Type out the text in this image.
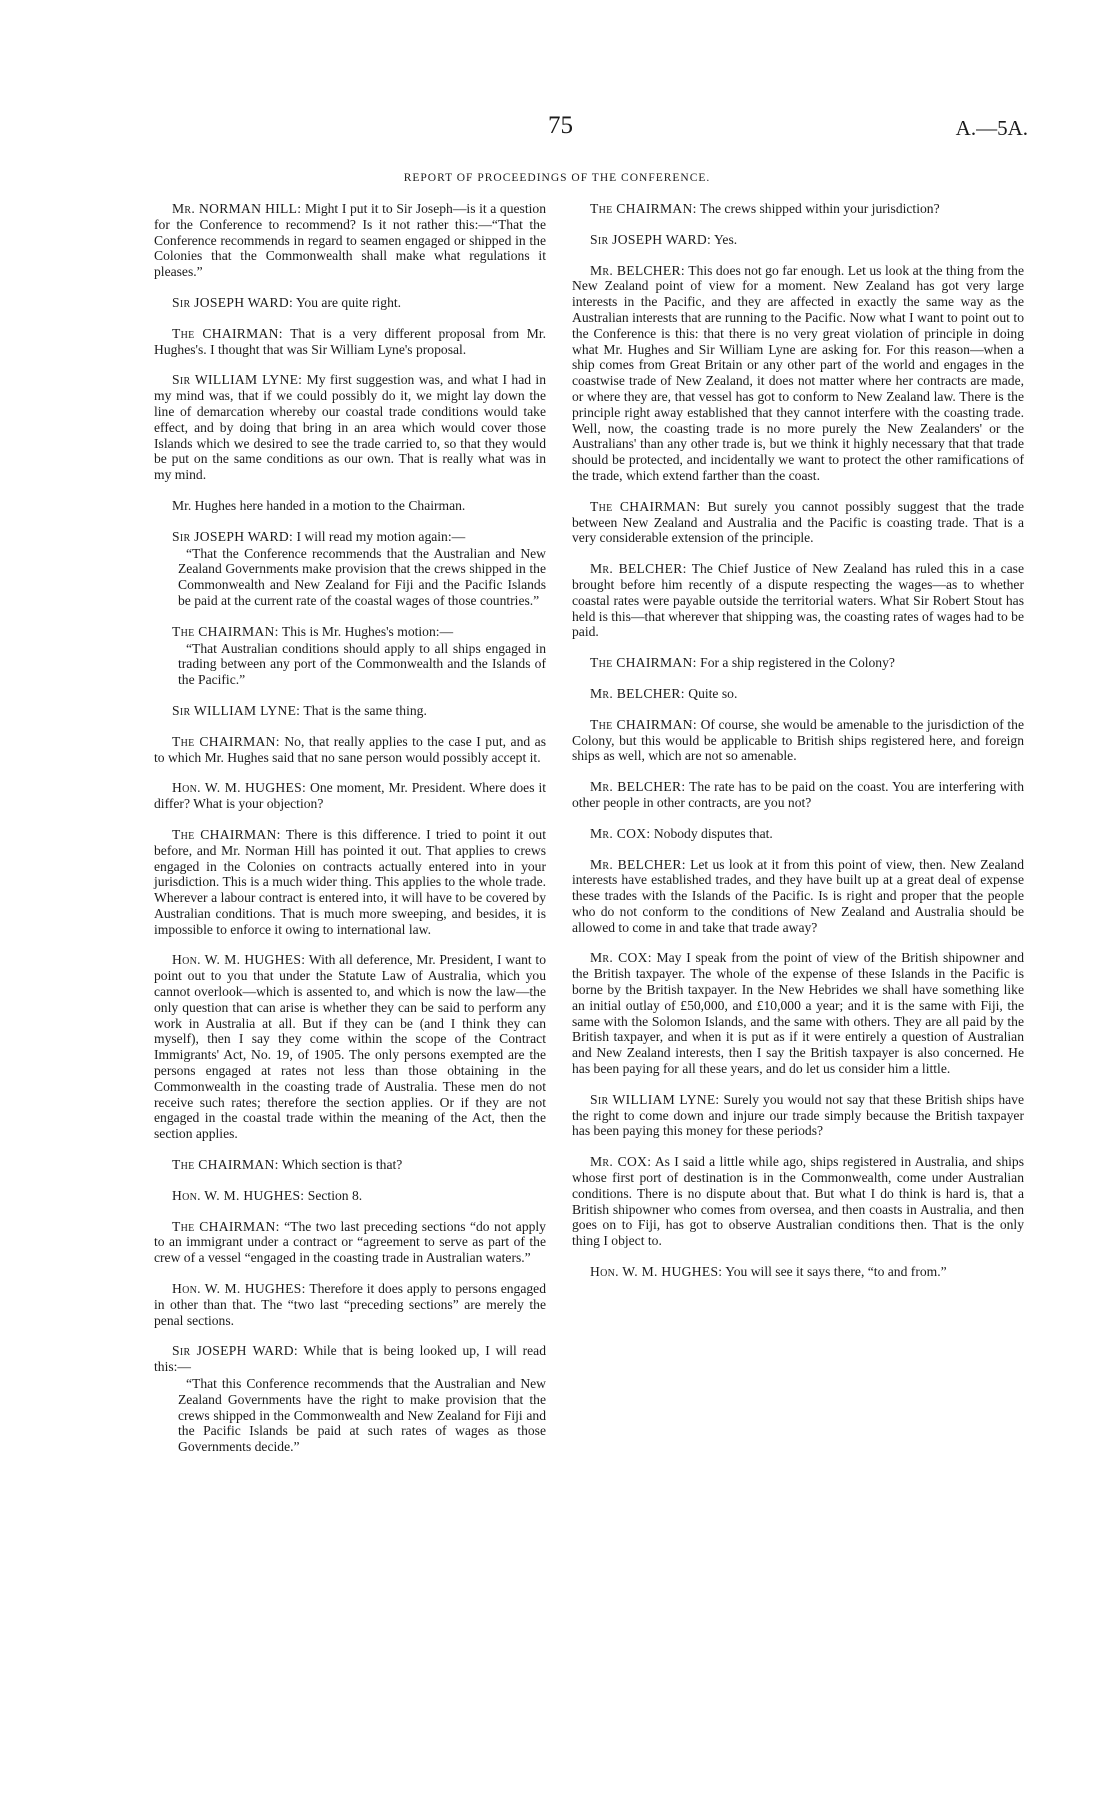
75	A.—5A.
REPORT OF PROCEEDINGS OF THE CONFERENCE.

Mr. NORMAN HILL: Might I put it to Sir Joseph—is it a question for the Conference to recommend? Is it not rather this:—“That the Conference recommends in regard to seamen engaged or shipped in the Colonies that the Commonwealth shall make what regulations it pleases.”

Sir JOSEPH WARD: You are quite right.

The CHAIRMAN: That is a very different proposal from Mr. Hughes's. I thought that was Sir William Lyne's proposal.

Sir WILLIAM LYNE: My first suggestion was, and what I had in my mind was, that if we could possibly do it, we might lay down the line of demarcation whereby our coastal trade conditions would take effect, and by doing that bring in an area which would cover those Islands which we desired to see the trade carried to, so that they would be put on the same conditions as our own. That is really what was in my mind.

Mr. Hughes here handed in a motion to the Chairman.

Sir JOSEPH WARD: I will read my motion again:—

“That the Conference recommends that the Australian and New Zealand Governments make provision that the crews shipped in the Commonwealth and New Zealand for Fiji and the Pacific Islands be paid at the current rate of the coastal wages of those countries.”

The CHAIRMAN: This is Mr. Hughes's motion:—

“That Australian conditions should apply to all ships engaged in trading between any port of the Commonwealth and the Islands of the Pacific.”

Sir WILLIAM LYNE: That is the same thing.

The CHAIRMAN: No, that really applies to the case I put, and as to which Mr. Hughes said that no sane person would possibly accept it.

Hon. W. M. HUGHES: One moment, Mr. President. Where does it differ? What is your objection?

The CHAIRMAN: There is this difference. I tried to point it out before, and Mr. Norman Hill has pointed it out. That applies to crews engaged in the Colonies on contracts actually entered into in your jurisdiction. This is a much wider thing. This applies to the whole trade. Wherever a labour contract is entered into, it will have to be covered by Australian conditions. That is much more sweeping, and besides, it is impossible to enforce it owing to international law.

Hon. W. M. HUGHES: With all deference, Mr. President, I want to point out to you that under the Statute Law of Australia, which you cannot overlook—which is assented to, and which is now the law—the only question that can arise is whether they can be said to perform any work in Australia at all. But if they can be (and I think they can myself), then I say they come within the scope of the Contract Immigrants' Act, No. 19, of 1905. The only persons exempted are the persons engaged at rates not less than those obtaining in the Commonwealth in the coasting trade of Australia. These men do not receive such rates; therefore the section applies. Or if they are not engaged in the coastal trade within the meaning of the Act, then the section applies.

The CHAIRMAN: Which section is that?

Hon. W. M. HUGHES: Section 8.

The CHAIRMAN: “The two last preceding sections “do not apply to an immigrant under a contract or “agreement to serve as part of the crew of a vessel “engaged in the coasting trade in Australian waters.”

Hon. W. M. HUGHES: Therefore it does apply to persons engaged in other than that. The “two last “preceding sections” are merely the penal sections.

Sir JOSEPH WARD: While that is being looked up, I will read this:—

“That this Conference recommends that the Australian and New Zealand Governments have the right to make provision that the crews shipped in the Commonwealth and New Zealand for Fiji and the Pacific Islands be paid at such rates of wages as those Governments decide.”

The CHAIRMAN: The crews shipped within your jurisdiction?

Sir JOSEPH WARD: Yes.

Mr. BELCHER: This does not go far enough. Let us look at the thing from the New Zealand point of view for a moment. New Zealand has got very large interests in the Pacific, and they are affected in exactly the same way as the Australian interests that are running to the Pacific. Now what I want to point out to the Conference is this: that there is no very great violation of principle in doing what Mr. Hughes and Sir William Lyne are asking for. For this reason—when a ship comes from Great Britain or any other part of the world and engages in the coastwise trade of New Zealand, it does not matter where her contracts are made, or where they are, that vessel has got to conform to New Zealand law. There is the principle right away established that they cannot interfere with the coasting trade. Well, now, the coasting trade is no more purely the New Zealanders' or the Australians' than any other trade is, but we think it highly necessary that that trade should be protected, and incidentally we want to protect the other ramifications of the trade, which extend farther than the coast.

The CHAIRMAN: But surely you cannot possibly suggest that the trade between New Zealand and Australia and the Pacific is coasting trade. That is a very considerable extension of the principle.

Mr. BELCHER: The Chief Justice of New Zealand has ruled this in a case brought before him recently of a dispute respecting the wages—as to whether coastal rates were payable outside the territorial waters. What Sir Robert Stout has held is this—that wherever that shipping was, the coasting rates of wages had to be paid.

The CHAIRMAN: For a ship registered in the Colony?

Mr. BELCHER: Quite so.

The CHAIRMAN: Of course, she would be amenable to the jurisdiction of the Colony, but this would be applicable to British ships registered here, and foreign ships as well, which are not so amenable.

Mr. BELCHER: The rate has to be paid on the coast. You are interfering with other people in other contracts, are you not?

Mr. COX: Nobody disputes that.

Mr. BELCHER: Let us look at it from this point of view, then. New Zealand interests have established trades, and they have built up at a great deal of expense these trades with the Islands of the Pacific. Is is right and proper that the people who do not conform to the conditions of New Zealand and Australia should be allowed to come in and take that trade away?

Mr. COX: May I speak from the point of view of the British shipowner and the British taxpayer. The whole of the expense of these Islands in the Pacific is borne by the British taxpayer. In the New Hebrides we shall have something like an initial outlay of £50,000, and £10,000 a year; and it is the same with Fiji, the same with the Solomon Islands, and the same with others. They are all paid by the British taxpayer, and when it is put as if it were entirely a question of Australian and New Zealand interests, then I say the British taxpayer is also concerned. He has been paying for all these years, and do let us consider him a little.

Sir WILLIAM LYNE: Surely you would not say that these British ships have the right to come down and injure our trade simply because the British taxpayer has been paying this money for these periods?

Mr. COX: As I said a little while ago, ships registered in Australia, and ships whose first port of destination is in the Commonwealth, come under Australian conditions. There is no dispute about that. But what I do think is hard is, that a British shipowner who comes from oversea, and then coasts in Australia, and then goes on to Fiji, has got to observe Australian conditions then. That is the only thing I object to.

Hon. W. M. HUGHES: You will see it says there, “to and from.”
